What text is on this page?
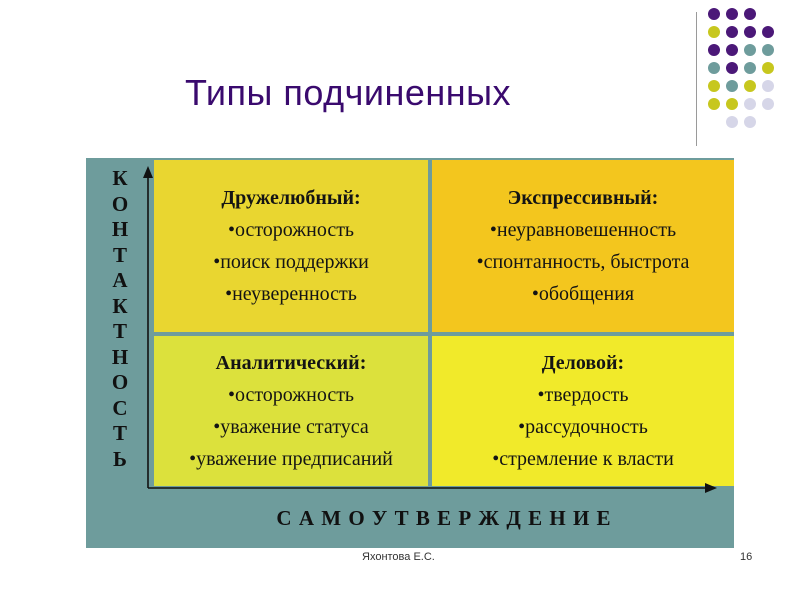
Типы подчиненных
К
О
Н
Т
А
К
Т
Н
О
С
Т
Ь
Дружелюбный:
•осторожность
•поиск поддержки
•неуверенность
Экспрессивный:
•неуравновешенность
•спонтанность, быстрота
•обобщения
Аналитический:
•осторожность
•уважение статуса
•уважение предписаний
Деловой:
•твердость
•рассудочность
•стремление к власти
С А М О У Т В Е Р Ж Д Е Н И Е
Яхонтова Е.С.	16
